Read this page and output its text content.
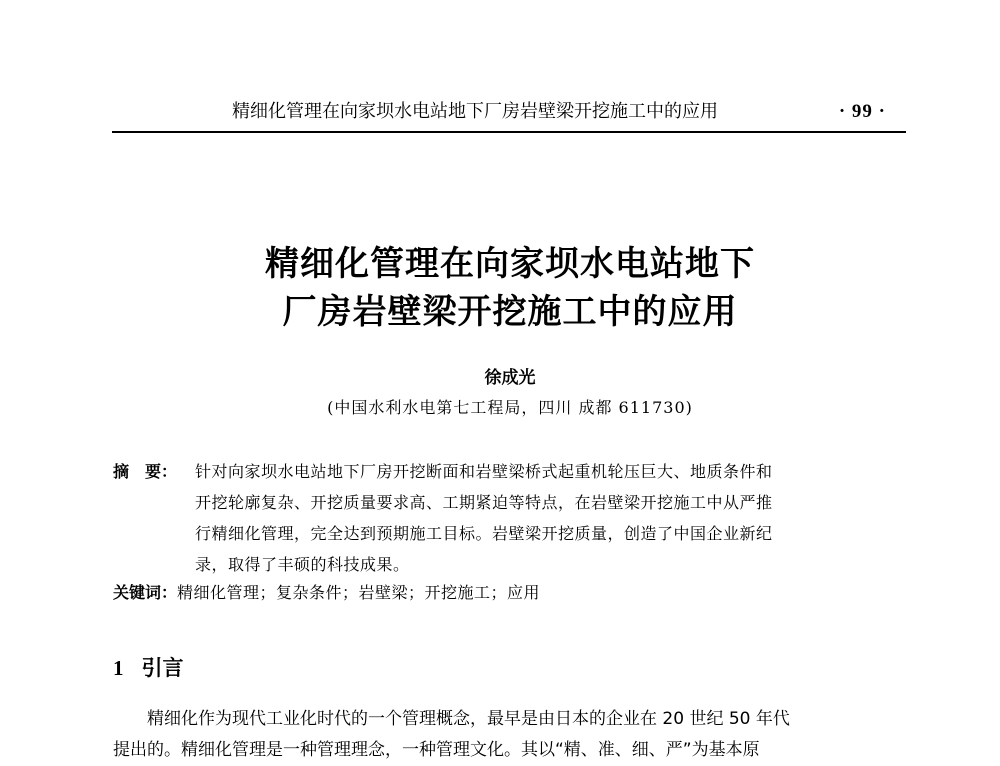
精细化管理在向家坝水电站地下厂房岩壁梁开挖施工中的应用	· 99 ·
精细化管理在向家坝水电站地下
厂房岩壁梁开挖施工中的应用
徐成光
(中国水利水电第七工程局，四川 成都 611730)
摘　要： 针对向家坝水电站地下厂房开挖断面和岩壁梁桥式起重机轮压巨大、地质条件和
开挖轮廓复杂、开挖质量要求高、工期紧迫等特点，在岩壁梁开挖施工中从严推
行精细化管理，完全达到预期施工目标。岩壁梁开挖质量，创造了中国企业新纪
录，取得了丰硕的科技成果。
关键词：精细化管理；复杂条件；岩壁梁；开挖施工；应用
1 引言
精细化作为现代工业化时代的一个管理概念，最早是由日本的企业在 20 世纪 50 年代
提出的。精细化管理是一种管理理念，一种管理文化。其以“精、准、细、严”为基本原
